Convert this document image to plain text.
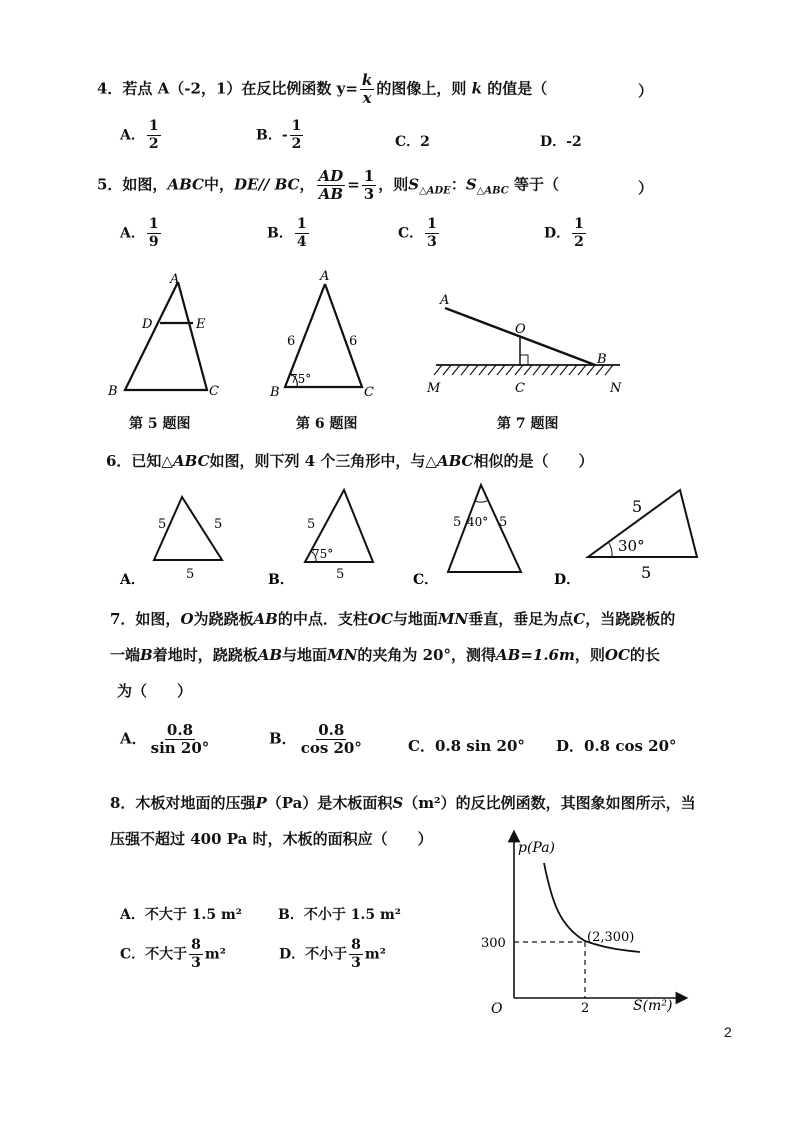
4．若点 A（-2，1）在反比例函数 $y= \frac{k}{x}$ 的图像上，则 k 的值是（	）
A． $\frac{1}{2}$	B．- $\frac{1}{2}$	C．2	D．-2
5．如图，ABC中，DE// BC， $\frac{AD}{AB} = \frac{1}{3}$ ，则$S_{\triangle ADE}$：$S_{\triangle ABC}$ 等于（	）
A． $\frac{1}{9}$	B． $\frac{1}{4}$	C． $\frac{1}{3}$	D． $\frac{1}{2}$
A
D	E
B	C
A
6	6
75°
B	C
A
O
B
M	C	N
第 5 题图	第 6 题图	第 7 题图
6．已知△ABC如图，则下列 4 个三角形中，与△ABC相似的是（　　）
5	5
5
A．
5
75°
5
B．
5 40° 5
C．
5
30°
5
D．
7．如图，O为跷跷板AB的中点．支柱OC与地面MN垂直，垂足为点C，当跷跷板的
一端B着地时，跷跷板AB与地面MN的夹角为 20°，测得AB=1.6m，则OC的长
为（　　）
A． $\frac{0.8}{\sin 20^\circ}$	B． $\frac{0.8}{\cos 20^\circ}$	C．0.8 sin 20° D．0.8 cos 20°
8．木板对地面的压强P（Pa）是木板面积S（m²）的反比例函数，其图象如图所示，当
压强不超过 400 Pa 时，木板的面积应（　　）
A．不大于 1.5 m²	B．不小于 1.5 m²
C．不大于 $\frac{8}{3} m^2$	D．不小于 $\frac{8}{3} m^2$
p(Pa)
S(m²)
O
(2,300)
2
300
2
